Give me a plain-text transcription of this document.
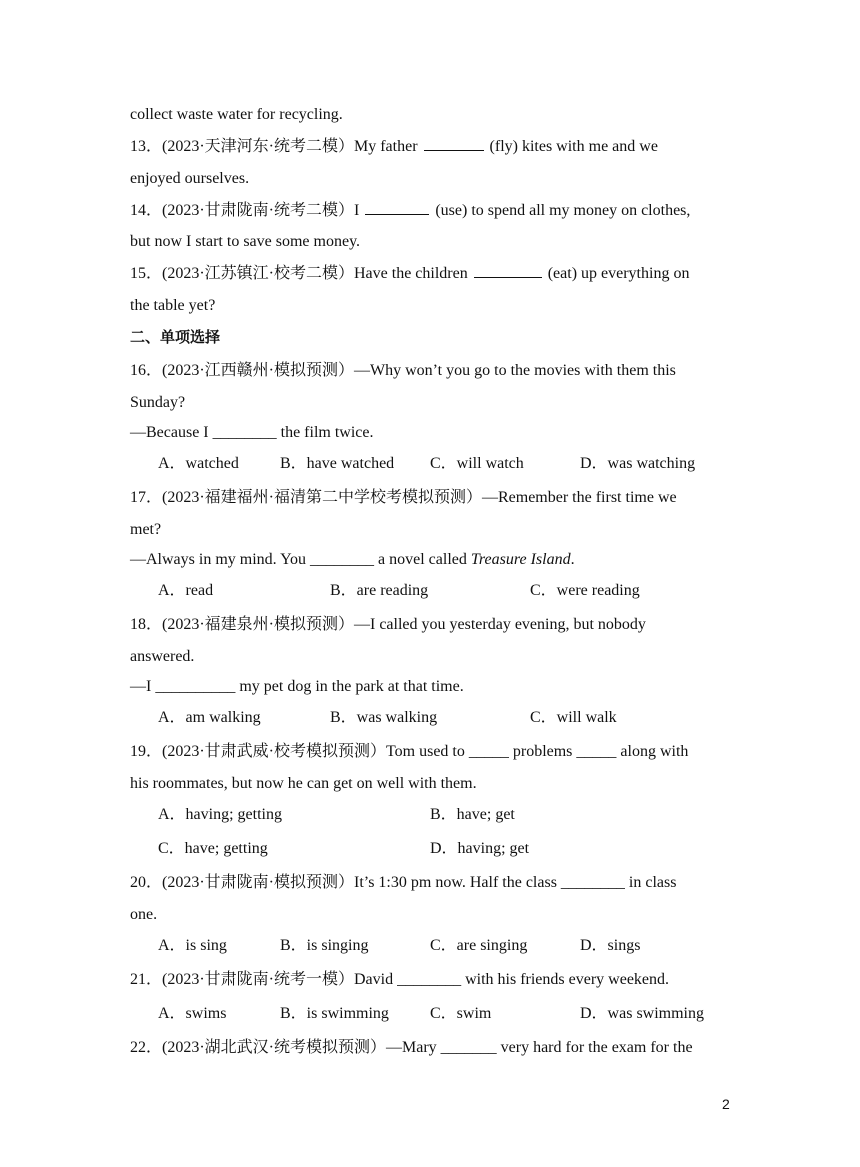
collect waste water for recycling.
13．(2023·天津河东·统考二模）My father	(fly) kites with me and we
enjoyed ourselves.
14．(2023·甘肃陇南·统考二模）I	(use) to spend all my money on clothes,
but now I start to save some money.
15．(2023·江苏镇江·校考二模）Have the children	(eat) up everything on
the table yet?
二、单项选择
16．(2023·江西赣州·模拟预测）—Why won’t you go to the movies with them this
Sunday?
—Because I ________ the film twice.
A．watched	B．have watched C．will watch	D．was watching
17．(2023·福建福州·福清第二中学校考模拟预测）—Remember the first time we
met?
—Always in my mind. You ________ a novel called Treasure Island.
A．read	B．are reading	C．were reading
18．(2023·福建泉州·模拟预测）—I called you yesterday evening, but nobody
answered.
—I __________ my pet dog in the park at that time.
A．am walking	B．was walking	C．will walk
19．(2023·甘肃武威·校考模拟预测）Tom used to _____ problems _____ along with
his roommates, but now he can get on well with them.
A．having; getting	B．have; get
C．have; getting	D．having; get
20．(2023·甘肃陇南·模拟预测）It’s 1:30 pm now. Half the class ________ in class
one.
A．is sing	B．is singing	C．are singing	D．sings
21．(2023·甘肃陇南·统考一模）David ________ with his friends every weekend.
A．swims	B．is swimming	C．swim	D．was swimming
22．(2023·湖北武汉·统考模拟预测）—Mary _______ very hard for the exam for the
2
